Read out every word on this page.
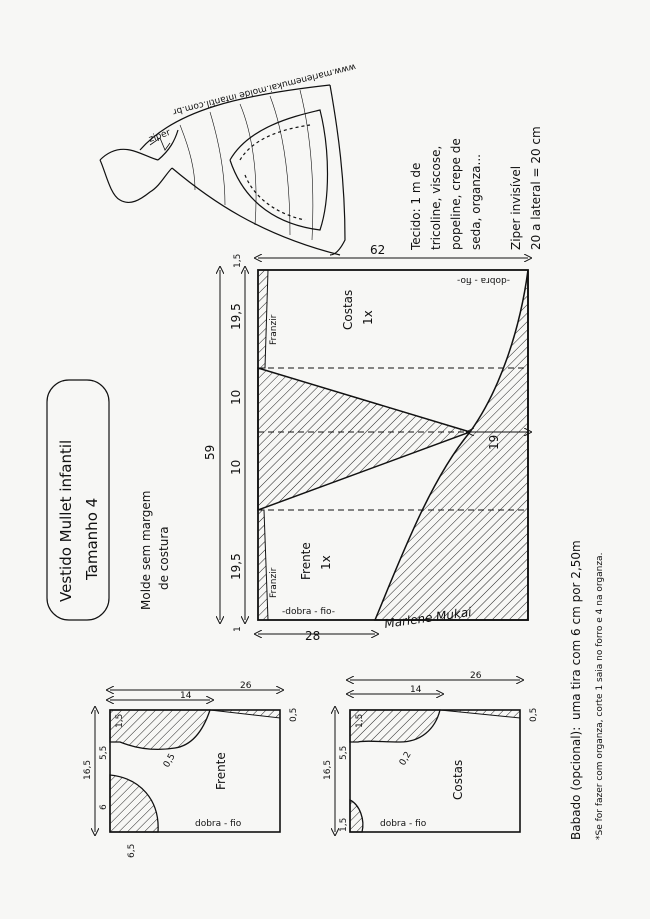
www.marlenemukai.molde infantil.com.br
ziper
Vestido Mullet infantil Tamanho 4	Molde sem margem de costura
Tecido: 1 m de tricoline, viscose, popeline, crepe de seda, organza... Ziper invisível 20 a lateral = 20 cm
62
59
19,5
10
10
19,5
1,5
1	28
19
Costas 1x
Frente 1x
Franzir
Franzir
-dobra - fio-
-dobra - fio-	Marlene Mukai
Babado (opcional):
uma tira com 6 cm por 2,50m *Se for fazer com organza, corte 1 saia no forro e 4 na organza.
14
26
16,5
1,5
5,5
6
6,5
0,5
0,5	Frente
dobra - fio
14
26
16,5
1,5
5,5
1,5
0,5
0,2
Costas
dobra - fio
